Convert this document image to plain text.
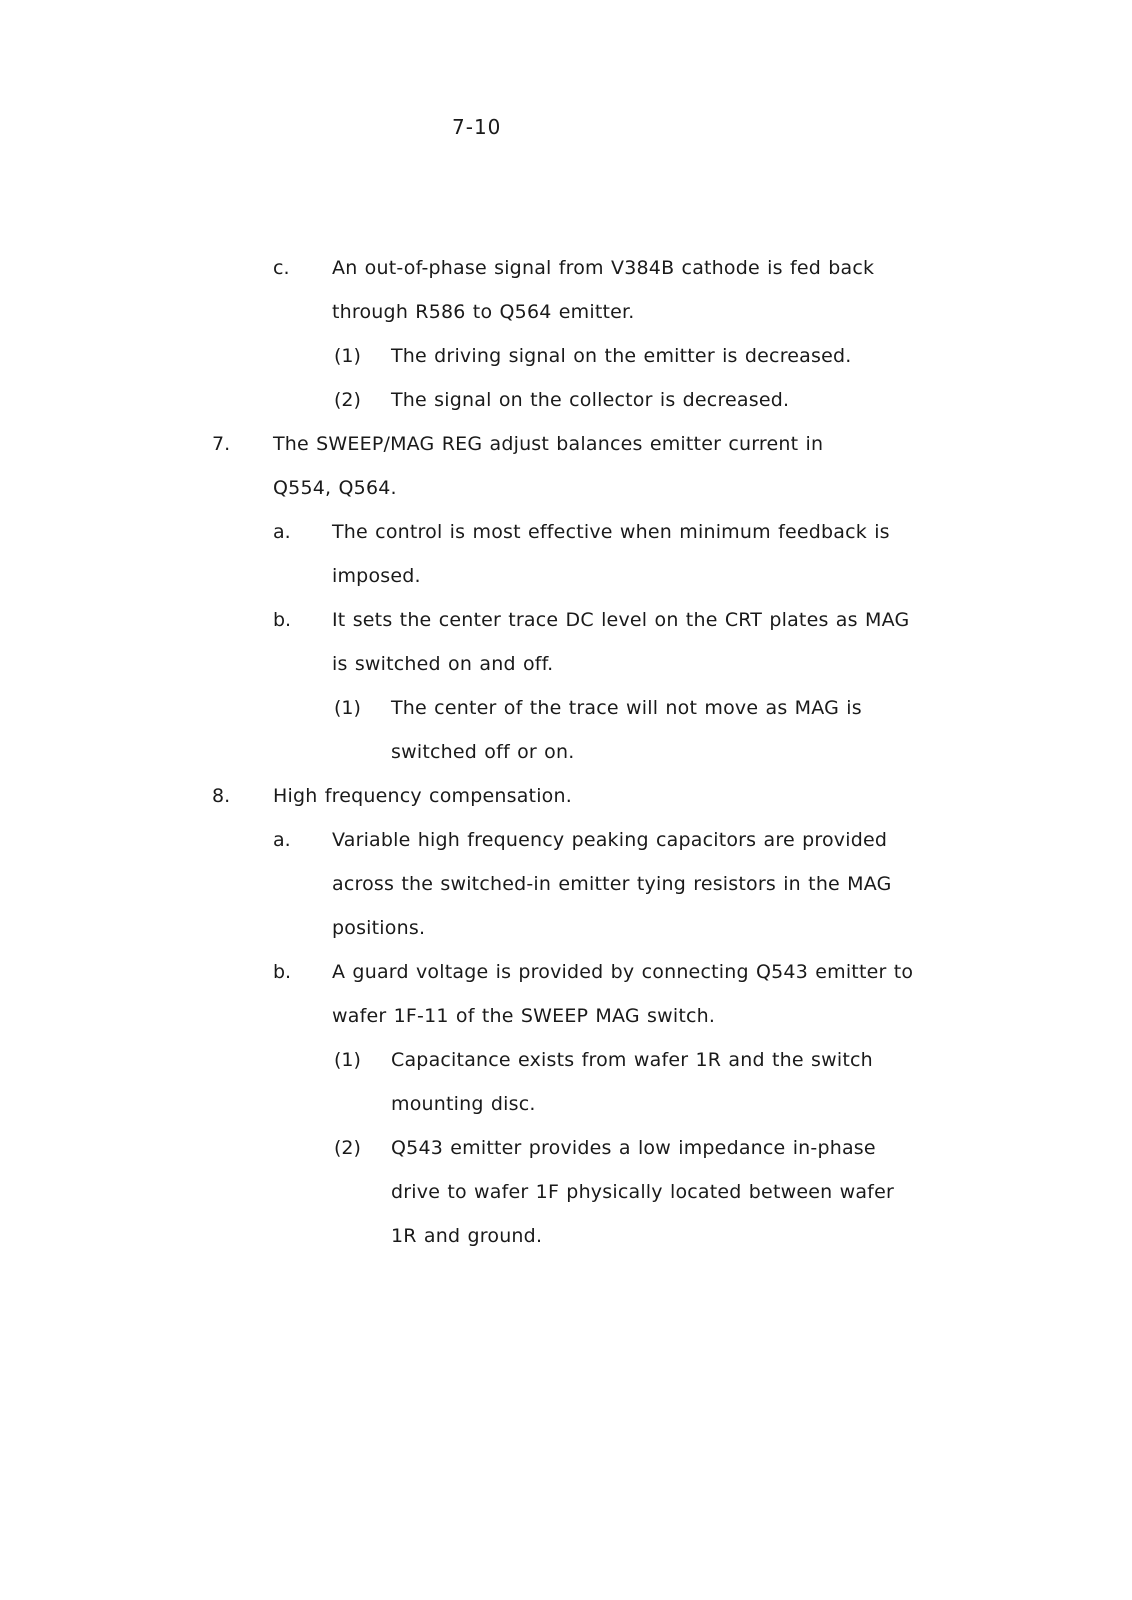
7-10
c. An out-of-phase signal from V384B cathode is fed back through R586 to Q564 emitter.
(1) The driving signal on the emitter is decreased.
(2) The signal on the collector is decreased.
7. The SWEEP/MAG REG adjust balances emitter current in Q554, Q564.
a. The control is most effective when minimum feedback is imposed.
b. It sets the center trace DC level on the CRT plates as MAG is switched on and off.
(1) The center of the trace will not move as MAG is switched off or on.
8. High frequency compensation.
a. Variable high frequency peaking capacitors are provided across the switched-in emitter tying resistors in the MAG positions.
b. A guard voltage is provided by connecting Q543 emitter to wafer 1F-11 of the SWEEP MAG switch.
(1) Capacitance exists from wafer 1R and the switch mounting disc.
(2) Q543 emitter provides a low impedance in-phase drive to wafer 1F physically located between wafer 1R and ground.
